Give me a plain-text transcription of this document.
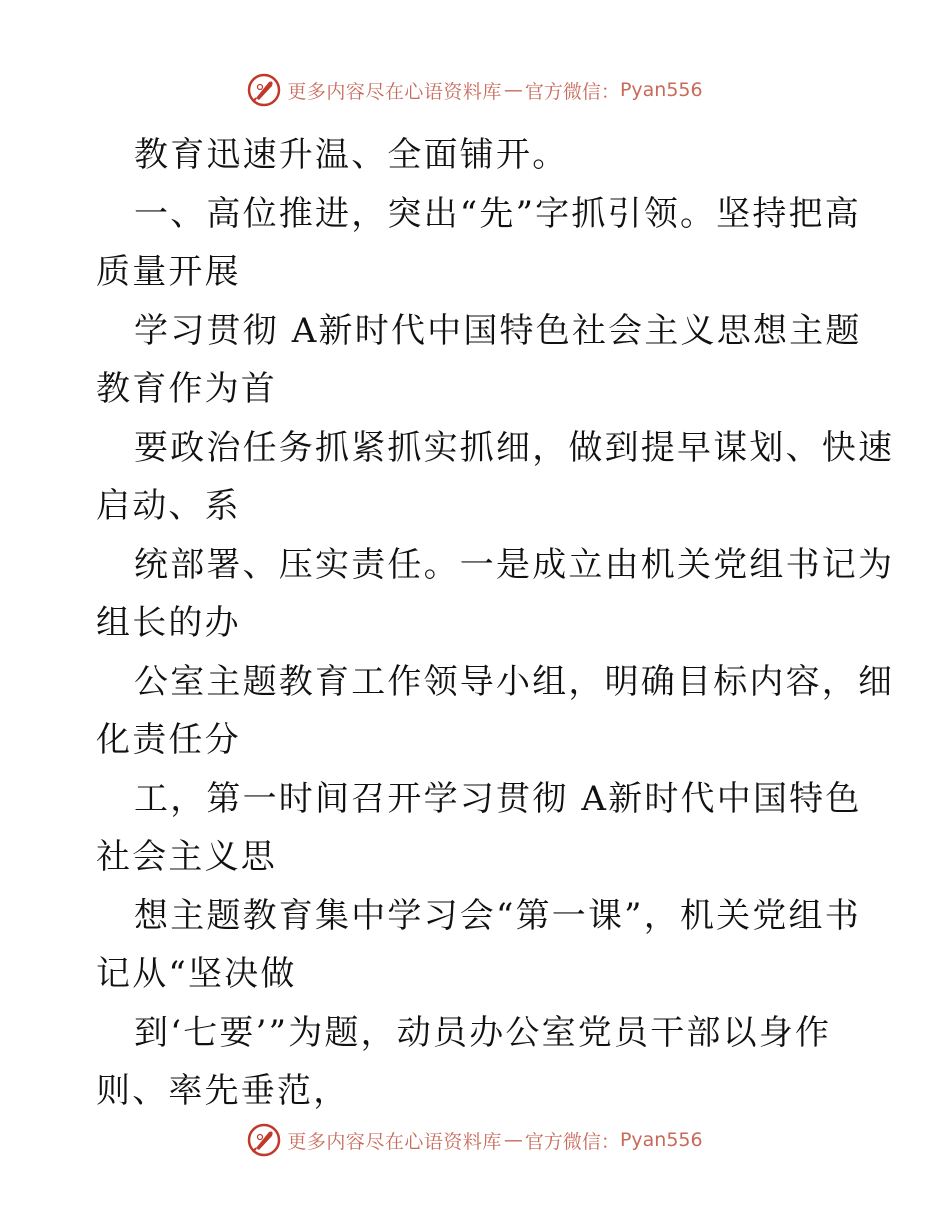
更多内容尽在心语资料库 — 官方微信： Pyan556
教育迅速升温、全面铺开。
一、高位推进，突出“先”字抓引领。坚持把高
质量开展
学习贯彻 A新时代中国特色社会主义思想主题
教育作为首
要政治任务抓紧抓实抓细，做到提早谋划、快速
启动、系
统部署、压实责任。一是成立由机关党组书记为
组长的办
公室主题教育工作领导小组，明确目标内容，细
化责任分
工，第一时间召开学习贯彻 A新时代中国特色
社会主义思
想主题教育集中学习会“第一课”，机关党组书
记从“坚决做
到‘七要’”为题，动员办公室党员干部以身作
则、率先垂范，
更多内容尽在心语资料库 — 官方微信： Pyan556
